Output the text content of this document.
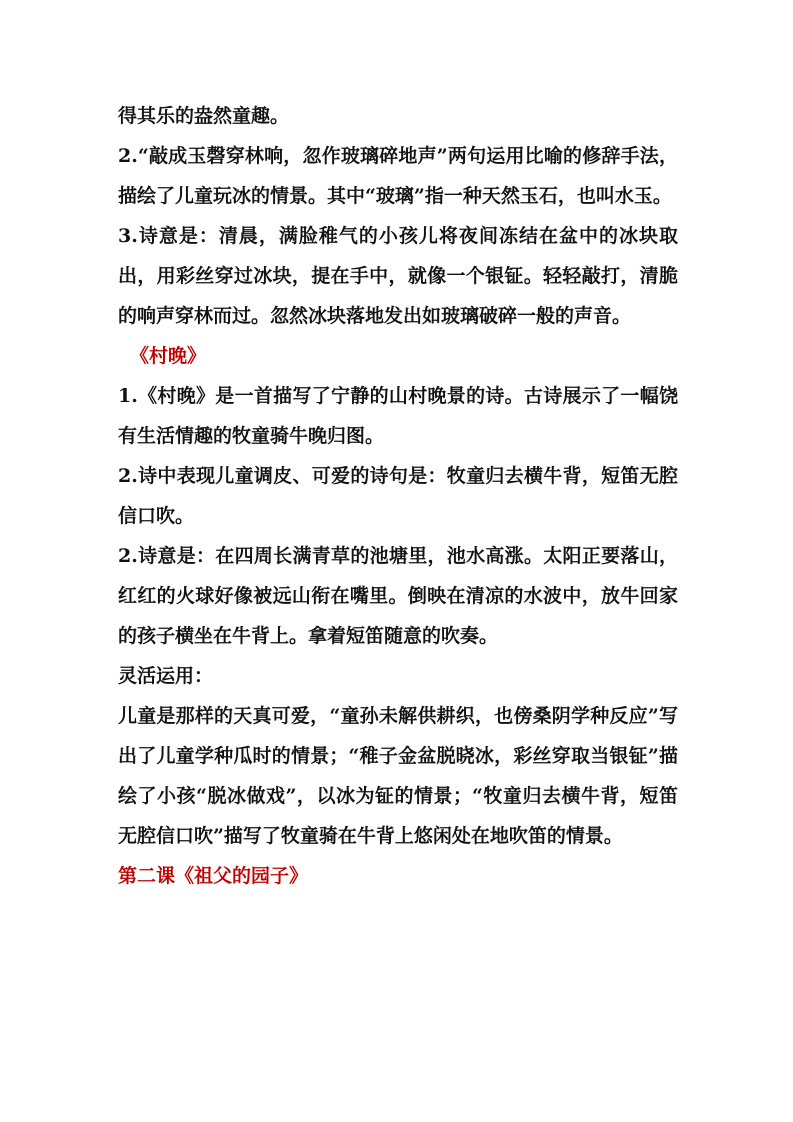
得其乐的盎然童趣。

2.“敲成玉磬穿林响，忽作玻璃碎地声”两句运用比喻的修辞手法，描绘了儿童玩冰的情景。其中“玻璃”指一种天然玉石，也叫水玉。

3.诗意是：清晨，满脸稚气的小孩儿将夜间冻结在盆中的冰块取出，用彩丝穿过冰块，提在手中，就像一个银钲。轻轻敲打，清脆的响声穿林而过。忽然冰块落地发出如玻璃破碎一般的声音。

《村晚》

1.《村晚》是一首描写了宁静的山村晚景的诗。古诗展示了一幅饶有生活情趣的牧童骑牛晚归图。

2.诗中表现儿童调皮、可爱的诗句是：牧童归去横牛背，短笛无腔信口吹。

2.诗意是：在四周长满青草的池塘里，池水高涨。太阳正要落山，红红的火球好像被远山衔在嘴里。倒映在清凉的水波中，放牛回家的孩子横坐在牛背上。拿着短笛随意的吹奏。

灵活运用：

儿童是那样的天真可爱，“童孙未解供耕织，也傍桑阴学种反应”写出了儿童学种瓜时的情景；“稚子金盆脱晓冰，彩丝穿取当银钲”描绘了小孩“脱冰做戏”，以冰为钲的情景；“牧童归去横牛背，短笛无腔信口吹”描写了牧童骑在牛背上悠闲处在地吹笛的情景。

第二课《祖父的园子》
